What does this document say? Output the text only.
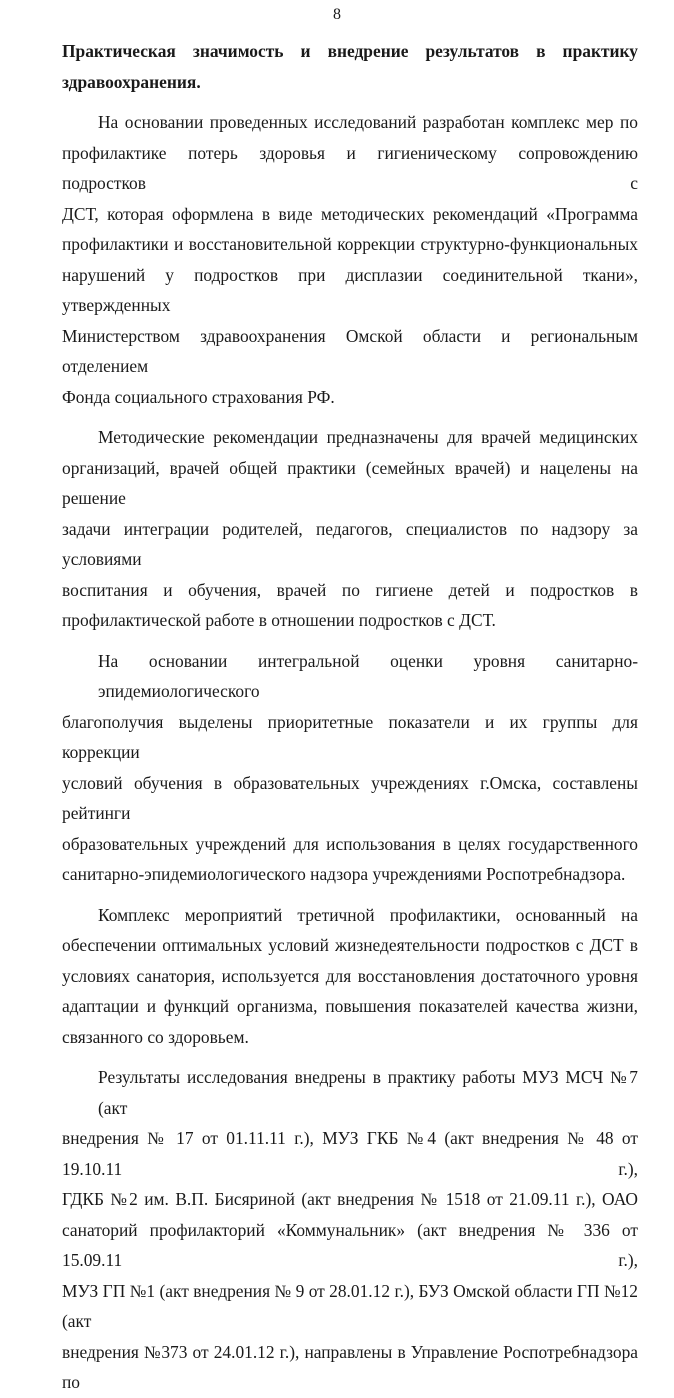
8
Практическая значимость и внедрение результатов в практику
здравоохранения.

На основании проведенных исследований разработан комплекс мер по
профилактике потерь здоровья и гигиеническому сопровождению подростков с
ДСТ, которая оформлена в виде методических рекомендаций «Программа
профилактики и восстановительной коррекции структурно-функциональных
нарушений у подростков при дисплазии соединительной ткани», утвержденных
Министерством здравоохранения Омской области и региональным отделением
Фонда социального страхования РФ.

Методические рекомендации предназначены для врачей медицинских
организаций, врачей общей практики (семейных врачей) и нацелены на решение
задачи интеграции родителей, педагогов, специалистов по надзору за условиями
воспитания и обучения, врачей по гигиене детей и подростков в
профилактической работе в отношении подростков с ДСТ.

На основании интегральной оценки уровня санитарно-эпидемиологического
благополучия выделены приоритетные показатели и их группы для коррекции
условий обучения в образовательных учреждениях г.Омска, составлены рейтинги
образовательных учреждений для использования в целях государственного
санитарно-эпидемиологического надзора учреждениями Роспотребнадзора.

Комплекс мероприятий третичной профилактики, основанный на
обеспечении оптимальных условий жизнедеятельности подростков с ДСТ в
условиях санатория, используется для восстановления достаточного уровня
адаптации и функций организма, повышения показателей качества жизни,
связанного со здоровьем.

Результаты исследования внедрены в практику работы МУЗ МСЧ №7 (акт
внедрения № 17 от 01.11.11 г.), МУЗ ГКБ №4 (акт внедрения № 48 от 19.10.11 г.),
ГДКБ №2 им. В.П. Бисяриной (акт внедрения № 1518 от 21.09.11 г.), ОАО
санаторий профилакторий «Коммунальник» (акт внедрения № 336 от 15.09.11 г.),
МУЗ ГП №1 (акт внедрения № 9 от 28.01.12 г.), БУЗ Омской области ГП №12 (акт
внедрения №373 от 24.01.12 г.), направлены в Управление Роспотребнадзора по
